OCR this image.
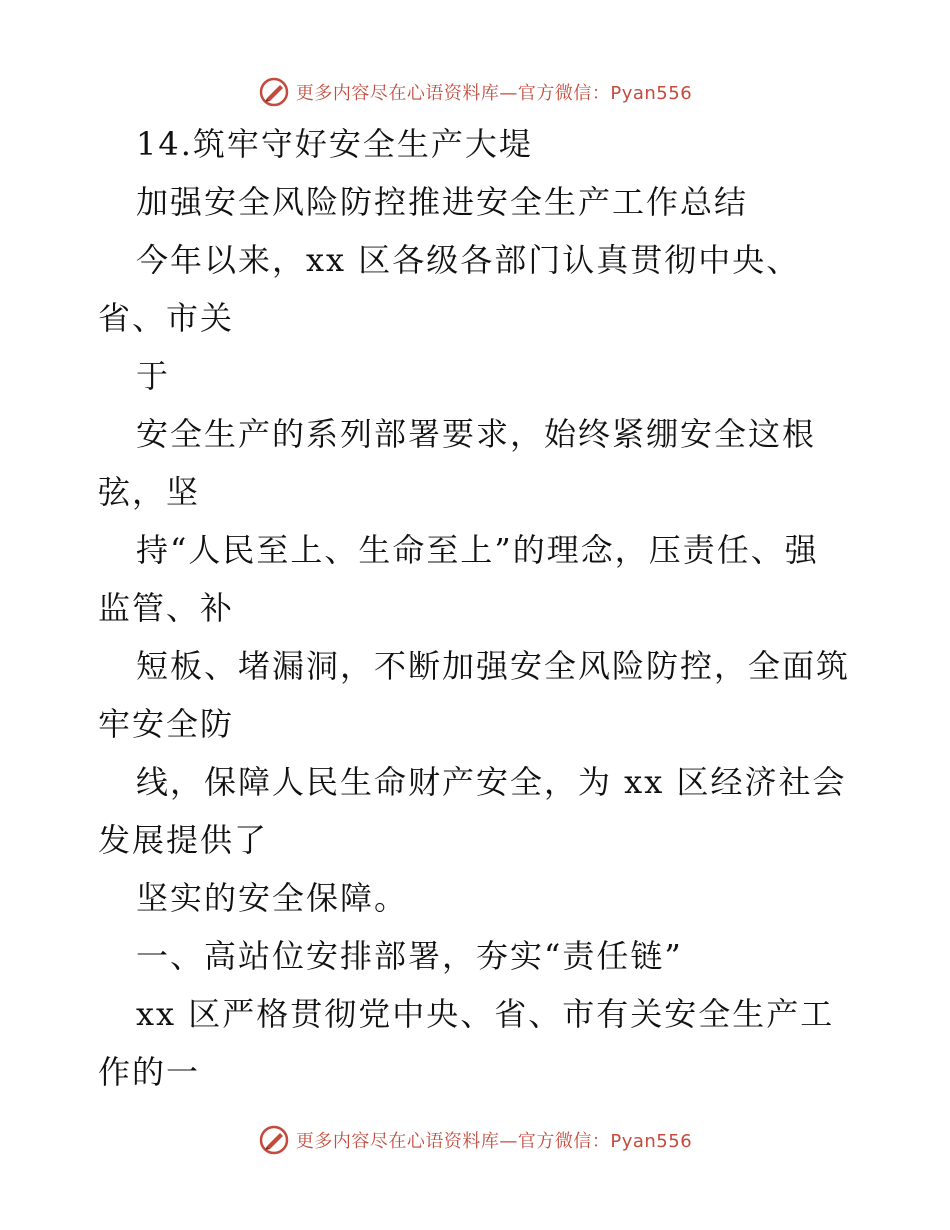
更多内容尽在心语资料库—官方微信：Pyan556
14.筑牢守好安全生产大堤
加强安全风险防控推进安全生产工作总结
今年以来，xx 区各级各部门认真贯彻中央、
省、市关
于
安全生产的系列部署要求，始终紧绷安全这根
弦，坚
持“人民至上、生命至上”的理念，压责任、强
监管、补
短板、堵漏洞，不断加强安全风险防控，全面筑
牢安全防
线，保障人民生命财产安全，为 xx 区经济社会
发展提供了
坚实的安全保障。
一、高站位安排部署，夯实“责任链”
xx 区严格贯彻党中央、省、市有关安全生产工
作的一
更多内容尽在心语资料库—官方微信：Pyan556
